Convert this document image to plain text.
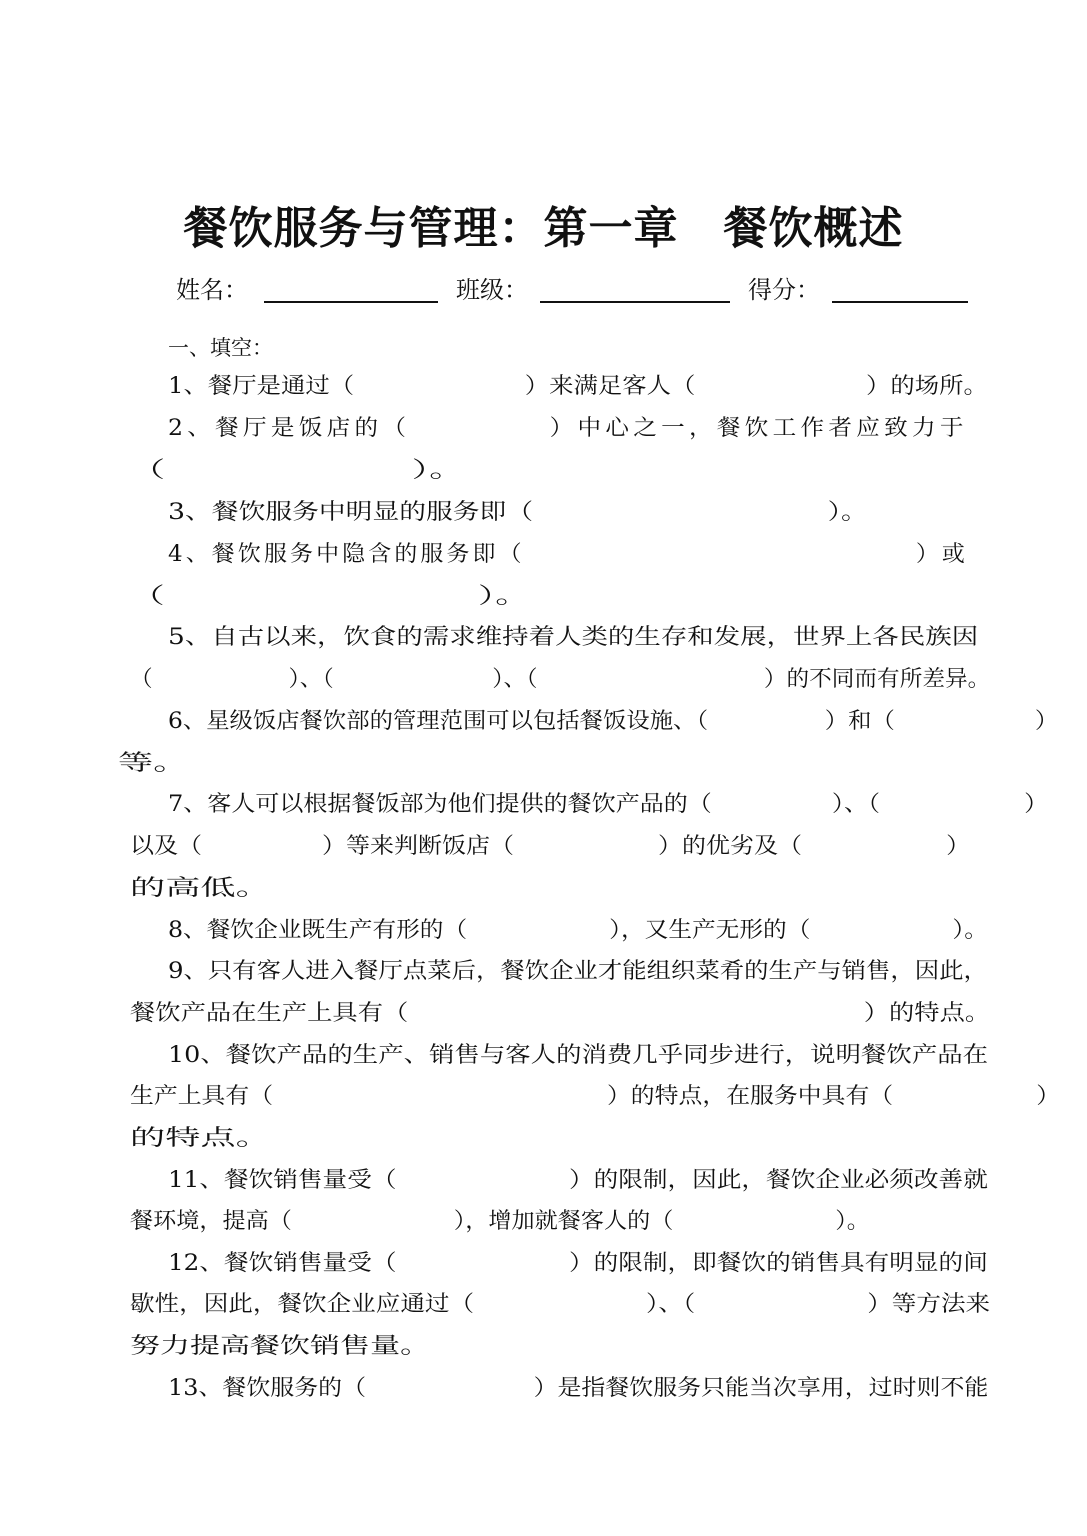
餐饮服务与管理：第一章　餐饮概述
姓名：	班级：	得分：
一、填空：
1、餐厅是通过（　　　　　　　）来满足客人（　　　　　　　）的场所。
2、餐厅是饭店的（　　　　　）中心之一，餐饮工作者应致力于
（　　　　　　　）。
3、餐饮服务中明显的服务即（　　　　　　　　　　　）。
4、餐饮服务中隐含的服务即（　　　　　　　　　　　　　　　）或
（　　　　　　　　　）。
5、自古以来，饮食的需求维持着人类的生存和发展，世界上各民族因
（　　　　　　）、（　　　　　　　）、（　　　　　　　　　　）的不同而有所差异。
6、星级饭店餐饮部的管理范围可以包括餐饭设施、（　　　　　）和（　　　　　　）
等。
7、客人可以根据餐饭部为他们提供的餐饮产品的（　　　　　）、（　　　　　　）
以及（　　　　　）等来判断饭店（　　　　　　）的优劣及（　　　　　　）
的高低。
8、餐饮企业既生产有形的（　　　　　　），又生产无形的（　　　　　　）。
9、只有客人进入餐厅点菜后，餐饮企业才能组织菜肴的生产与销售，因此，
餐饮产品在生产上具有（　　　　　　　　　　　　　　　　　　）的特点。
10、餐饮产品的生产、销售与客人的消费几乎同步进行，说明餐饮产品在
生产上具有（　　　　　　　　　　　　　　）的特点，在服务中具有（　　　　　　）
的特点。
11、餐饮销售量受（　　　　　　　）的限制，因此，餐饮企业必须改善就
餐环境，提高（　　　　　　　），增加就餐客人的（　　　　　　　）。
12、餐饮销售量受（　　　　　　　）的限制，即餐饮的销售具有明显的间
歇性，因此，餐饮企业应通过（　　　　　　　）、（　　　　　　　）等方法来
努力提高餐饮销售量。
13、餐饮服务的（　　　　　　　）是指餐饮服务只能当次享用，过时则不能
